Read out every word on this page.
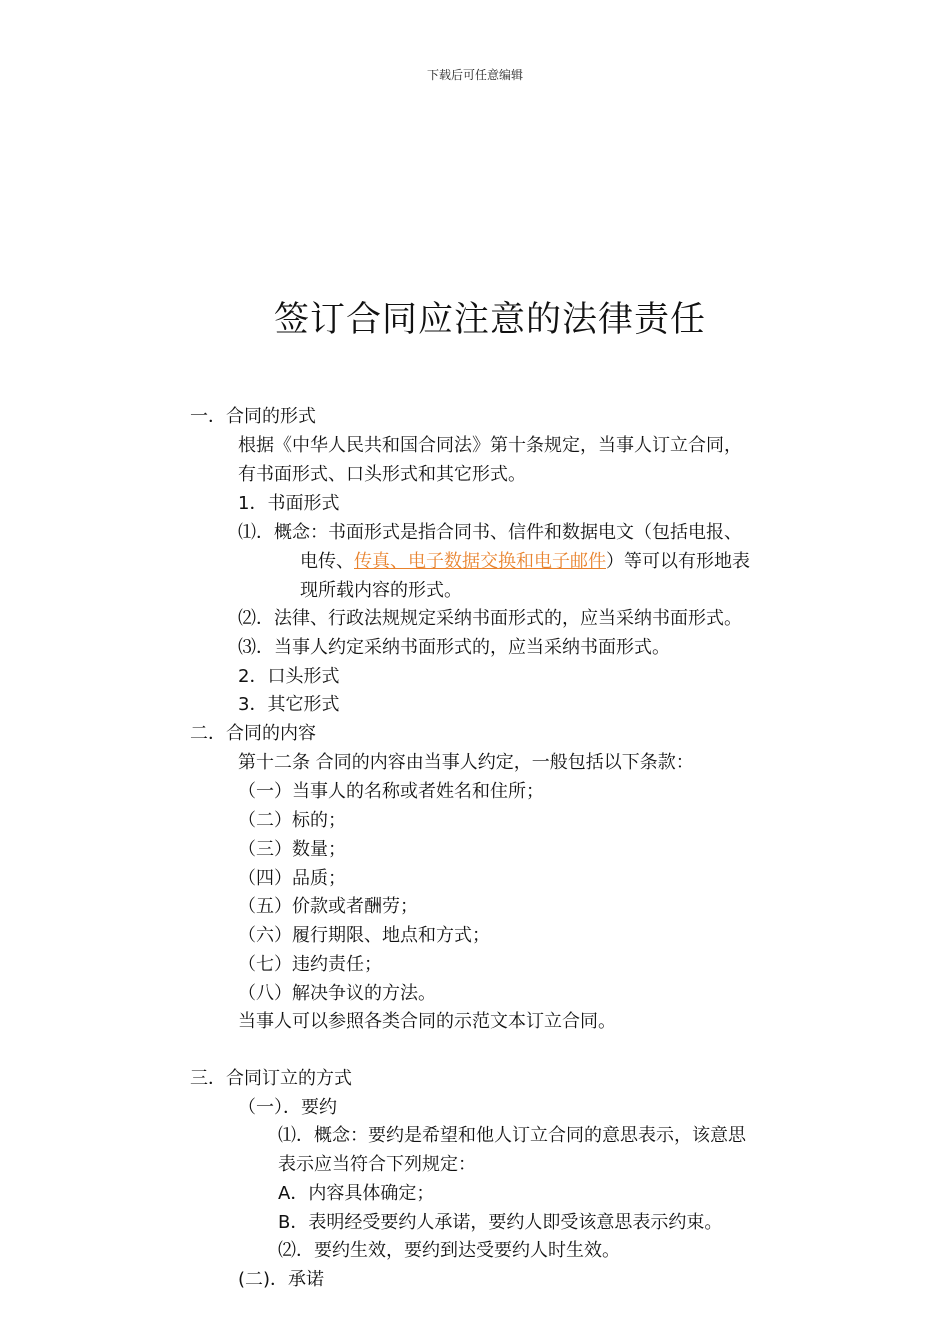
下载后可任意编辑
签订合同应注意的法律责任
一．合同的形式
根据《中华人民共和国合同法》第十条规定，当事人订立合同，
有书面形式、口头形式和其它形式。
1．书面形式
⑴．概念：书面形式是指合同书、信件和数据电文（包括电报、
电传、传真、电子数据交换和电子邮件）等可以有形地表
现所载内容的形式。
⑵．法律、行政法规规定采纳书面形式的，应当采纳书面形式。
⑶．当事人约定采纳书面形式的，应当采纳书面形式。
2．口头形式
3．其它形式
二．合同的内容
第十二条 合同的内容由当事人约定，一般包括以下条款：
（一）当事人的名称或者姓名和住所；
（二）标的；
（三）数量；
（四）品质；
（五）价款或者酬劳；
（六）履行期限、地点和方式；
（七）违约责任；
（八）解决争议的方法。
当事人可以参照各类合同的示范文本订立合同。
三．合同订立的方式
（一）．要约
⑴．概念：要约是希望和他人订立合同的意思表示，该意思
表示应当符合下列规定：
A．内容具体确定；
B．表明经受要约人承诺，要约人即受该意思表示约束。
⑵．要约生效，要约到达受要约人时生效。
(二)．承诺
